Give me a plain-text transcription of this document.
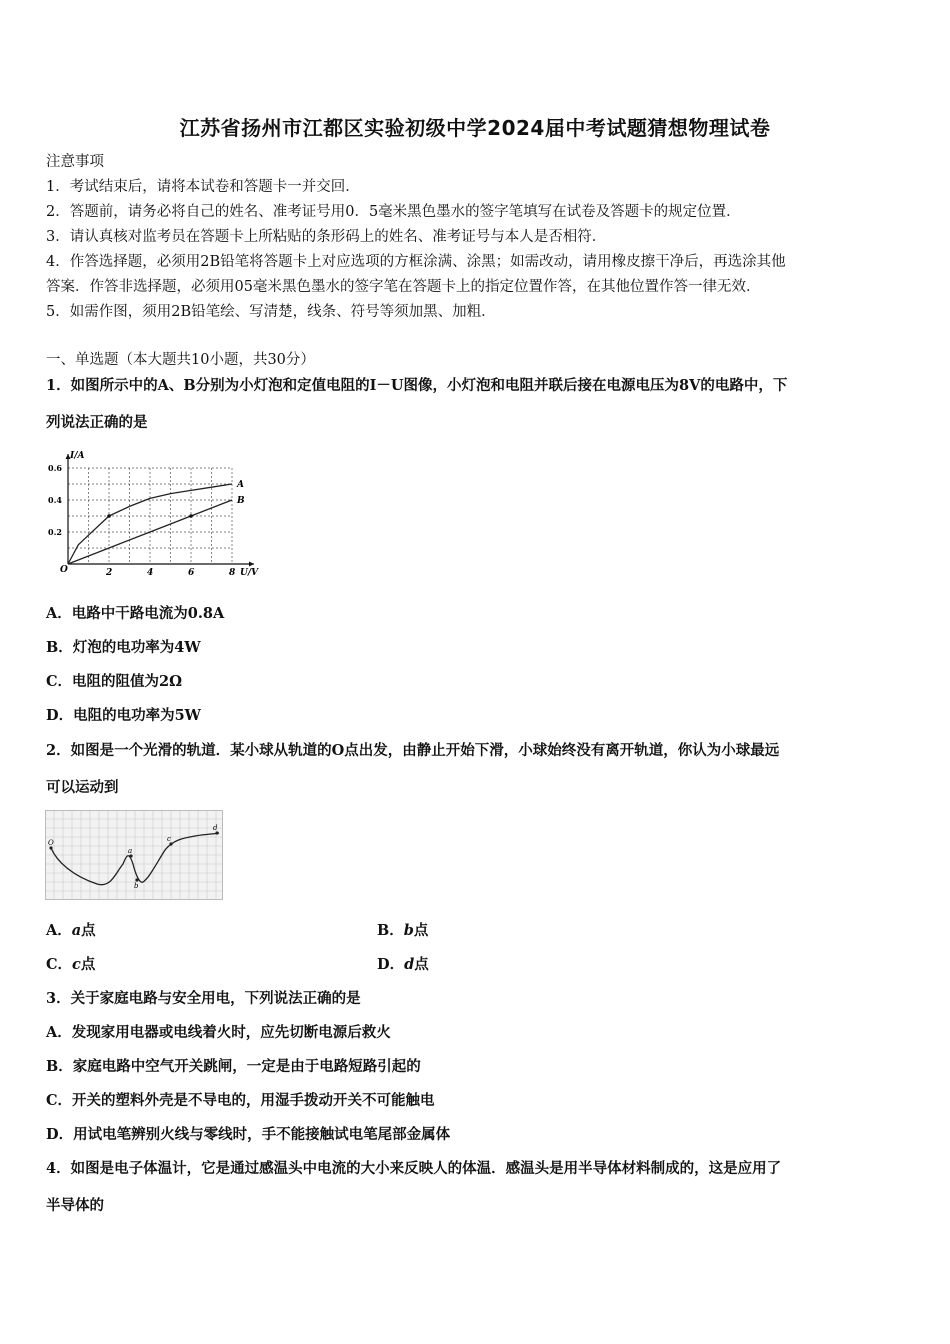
江苏省扬州市江都区实验初级中学2024届中考试题猜想物理试卷
注意事项
1．考试结束后，请将本试卷和答题卡一并交回．
2．答题前，请务必将自己的姓名、准考证号用0．5毫米黑色墨水的签字笔填写在试卷及答题卡的规定位置．
3．请认真核对监考员在答题卡上所粘贴的条形码上的姓名、准考证号与本人是否相符．
4．作答选择题，必须用2B铅笔将答题卡上对应选项的方框涂满、涂黑；如需改动，请用橡皮擦干净后，再选涂其他
答案．作答非选择题，必须用05毫米黑色墨水的签字笔在答题卡上的指定位置作答，在其他位置作答一律无效．
5．如需作图，须用2B铅笔绘、写清楚，线条、符号等须加黑、加粗．
一、单选题（本大题共10小题，共30分）
1．如图所示中的A、B分别为小灯泡和定值电阻的I－U图像，小灯泡和电阻并联后接在电源电压为8V的电路中，下
列说法正确的是
2	4	6	8
0.2
0.4
0.6
A
B
I/A
U/V
O
A．电路中干路电流为0.8A
B．灯泡的电功率为4W
C．电阻的阻值为2Ω
D．电阻的电功率为5W
2．如图是一个光滑的轨道．某小球从轨道的O点出发，由静止开始下滑，小球始终没有离开轨道，你认为小球最远
可以运动到
O
a
b
c
d
A．a点	B．b点
C．c点	D．d点
3．关于家庭电路与安全用电，下列说法正确的是
A．发现家用电器或电线着火时，应先切断电源后救火
B．家庭电路中空气开关跳闸，一定是由于电路短路引起的
C．开关的塑料外壳是不导电的，用湿手拨动开关不可能触电
D．用试电笔辨别火线与零线时，手不能接触试电笔尾部金属体
4．如图是电子体温计，它是通过感温头中电流的大小来反映人的体温．感温头是用半导体材料制成的，这是应用了
半导体的
